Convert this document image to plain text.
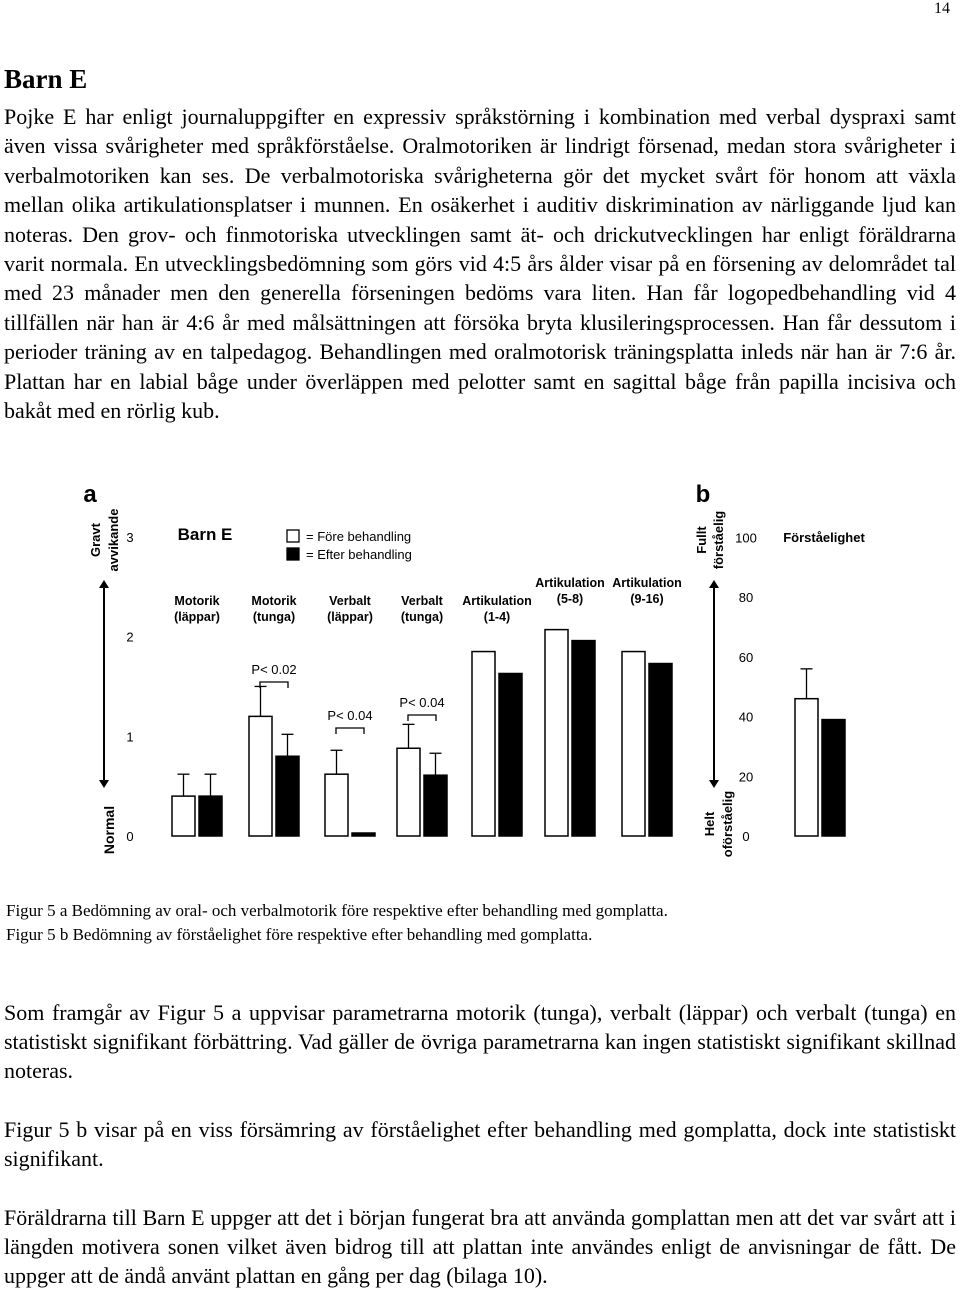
14
Barn E

Pojke E har enligt journaluppgifter en expressiv språkstörning i kombination med verbal dyspraxi samt även vissa svårigheter med språkförståelse. Oralmotoriken är lindrigt försenad, medan stora svårigheter i verbalmotoriken kan ses. De verbalmotoriska svårigheterna gör det mycket svårt för honom att växla mellan olika artikulationsplatser i munnen. En osäkerhet i auditiv diskrimination av närliggande ljud kan noteras. Den grov- och finmotoriska utvecklingen samt ät- och drickutvecklingen har enligt föräldrarna varit normala. En utvecklingsbedömning som görs vid 4:5 års ålder visar på en försening av delområdet tal med 23 månader men den generella förseningen bedöms vara liten. Han får logopedbehandling vid 4 tillfällen när han är 4:6 år med målsättningen att försöka bryta klusileringsprocessen. Han får dessutom i perioder träning av en talpedagog. Behandlingen med oralmotorisk träningsplatta inleds när han är 7:6 år. Plattan har en labial båge under överläppen med pelotter samt en sagittal båge från papilla incisiva och bakåt med en rörlig kub.

a
Barn E
Gravt avvikande
Normal 0
1
2
3	= Före behandling
= Efter behandling
Motorik
(läppar)
Motorik
(tunga)
Verbalt
(läppar)
Verbalt
(tunga)
Artikulation
(1-4)
Artikulation
(5-8)
Artikulation
(9-16)
P< 0.02
P< 0.04
P< 0.04
b
Förståelighet
Fullt förståelig
Helt oförståelig 0
20
40
60
80
100
Figur 5 a Bedömning av oral- och verbalmotorik före respektive efter behandling med gomplatta.
Figur 5 b Bedömning av förståelighet före respektive efter behandling med gomplatta.

Som framgår av Figur 5 a uppvisar parametrarna motorik (tunga), verbalt (läppar) och verbalt (tunga) en statistiskt signifikant förbättring. Vad gäller de övriga parametrarna kan ingen statistiskt signifikant skillnad noteras.

Figur 5 b visar på en viss försämring av förståelighet efter behandling med gomplatta, dock inte statistiskt signifikant.

Föräldrarna till Barn E uppger att det i början fungerat bra att använda gomplattan men att det var svårt att i längden motivera sonen vilket även bidrog till att plattan inte användes enligt de anvisningar de fått. De uppger att de ändå använt plattan en gång per dag (bilaga 10).
